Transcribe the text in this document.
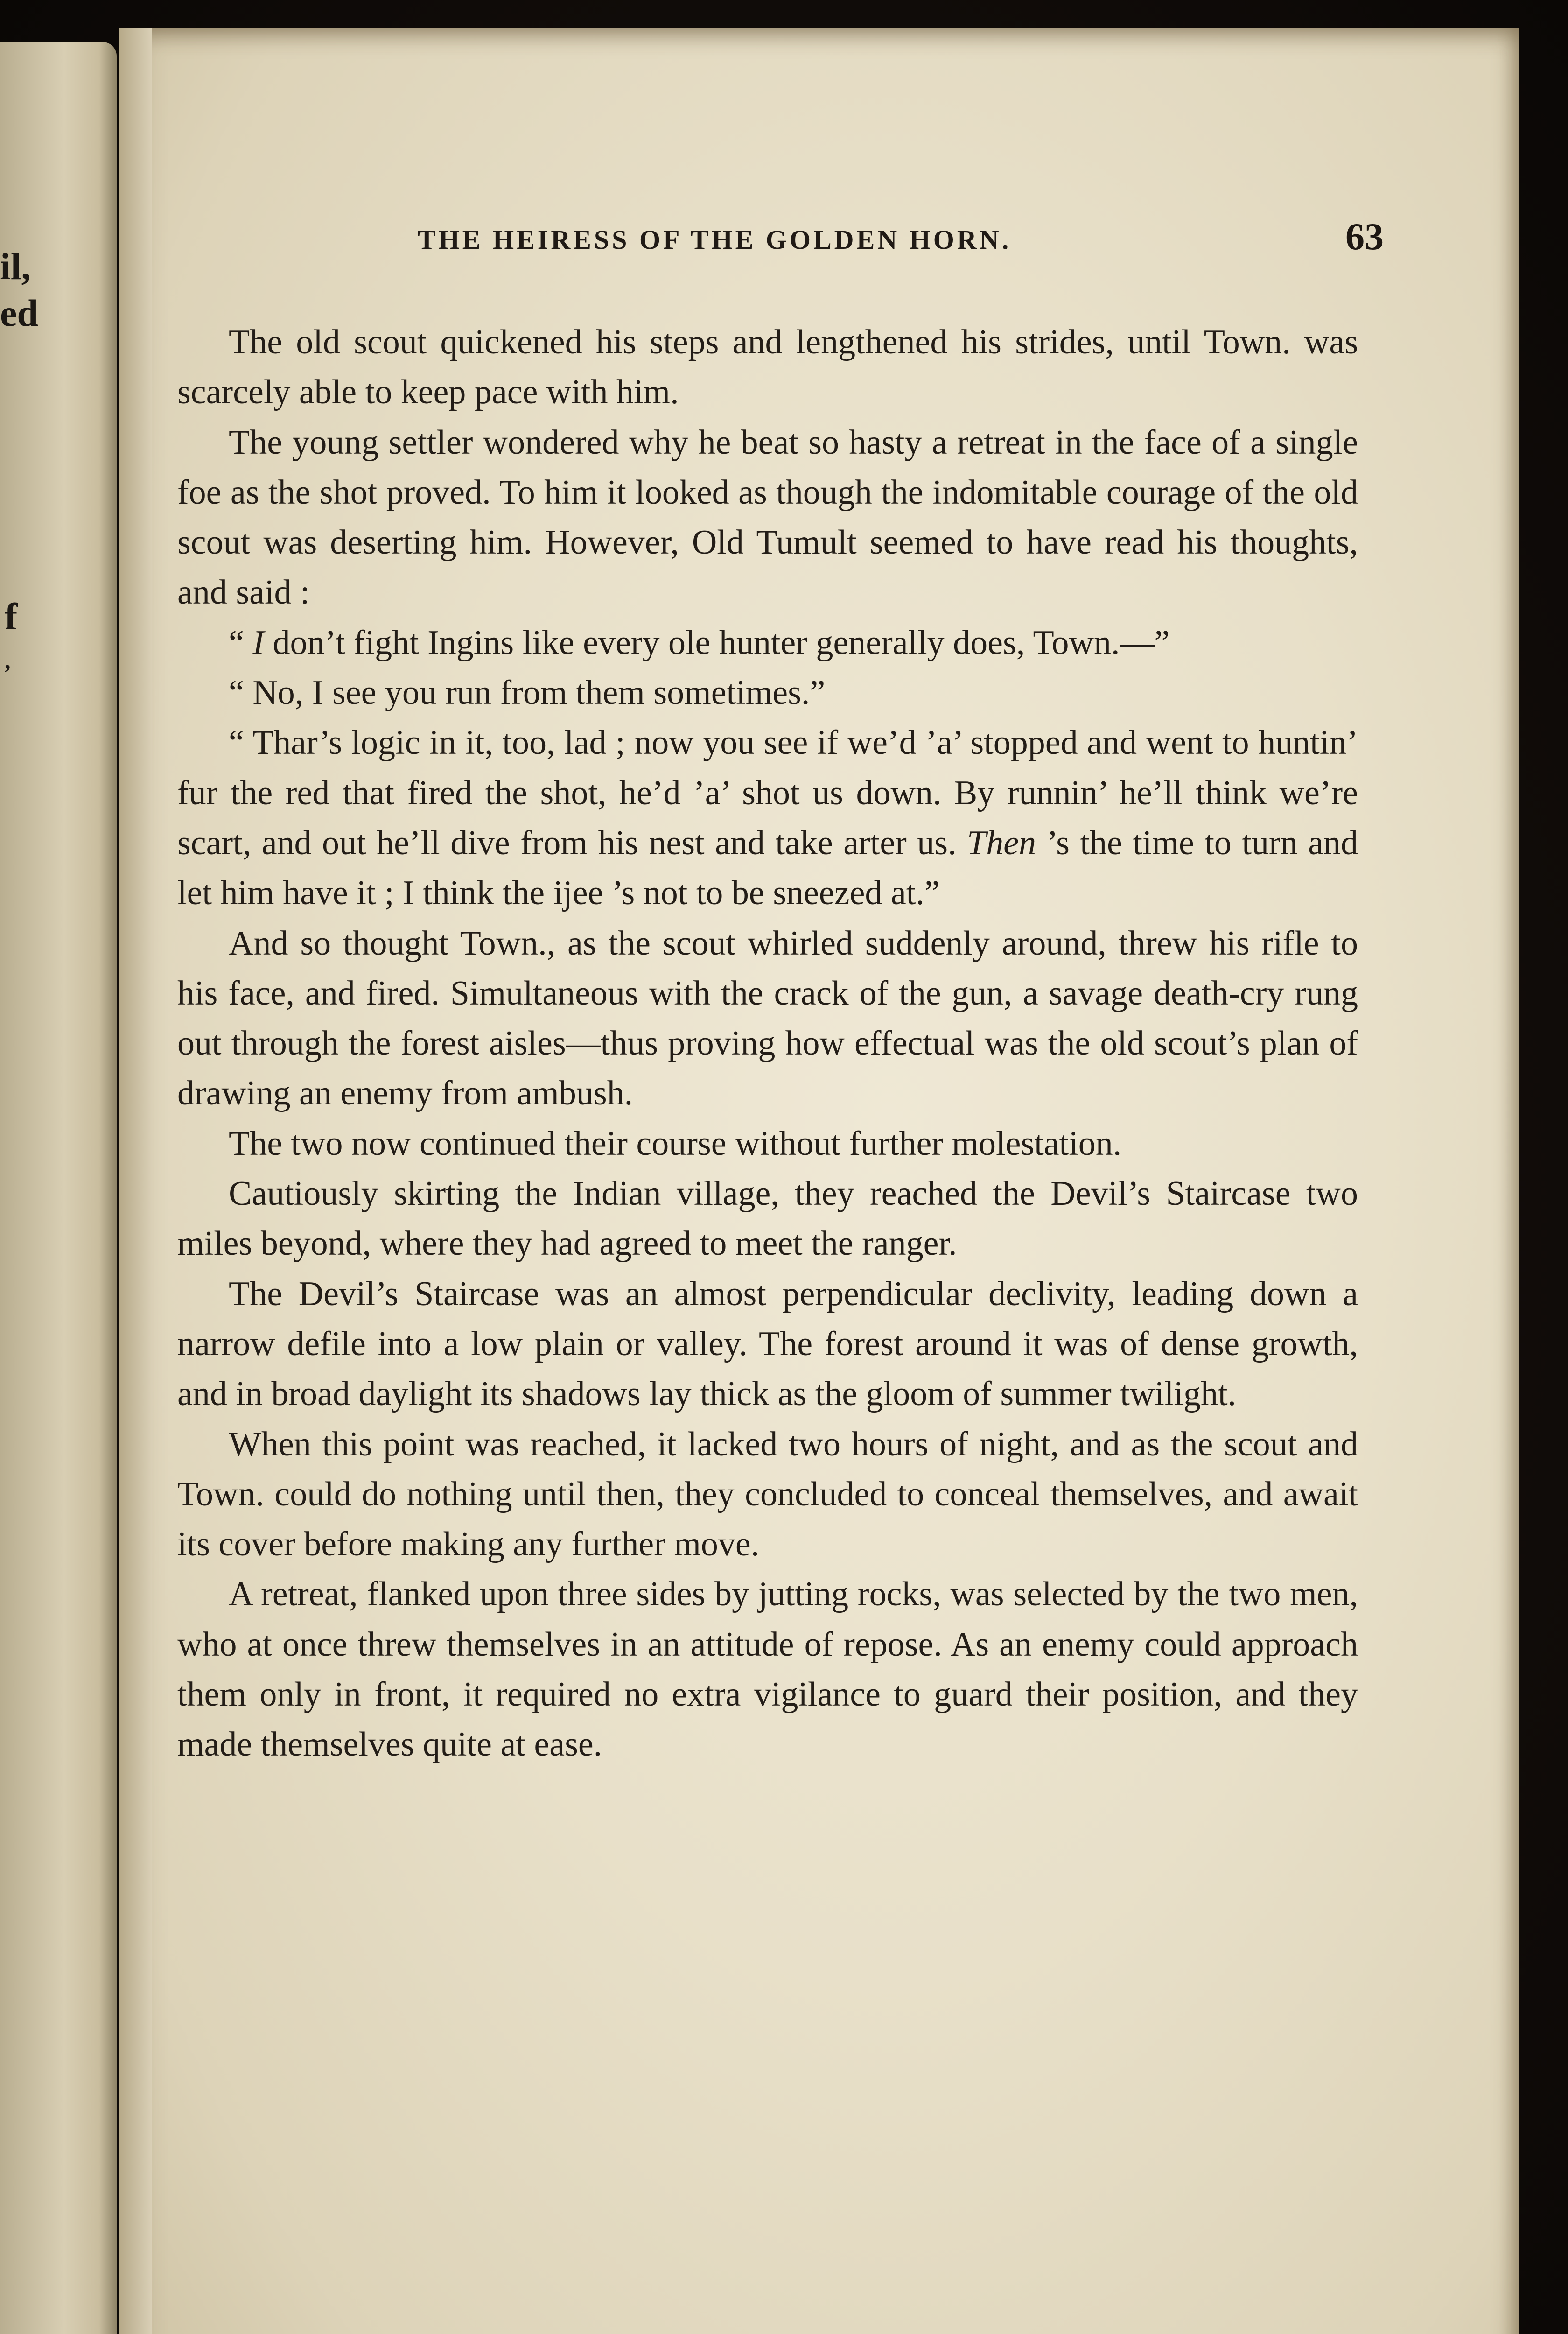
il,
ed
f
,
THE HEIRESS OF THE GOLDEN HORN.	63

The old scout quickened his steps and lengthened his strides, until Town. was scarcely able to keep pace with him.

The young settler wondered why he beat so hasty a retreat in the face of a single foe as the shot proved. To him it looked as though the indomitable courage of the old scout was deserting him. However, Old Tumult seemed to have read his thoughts, and said :

“ I don’t fight Ingins like every ole hunter generally does, Town.—”

“ No, I see you run from them sometimes.”

“ Thar’s logic in it, too, lad ; now you see if we’d ’a’ stopped and went to huntin’ fur the red that fired the shot, he’d ’a’ shot us down. By runnin’ he’ll think we’re scart, and out he’ll dive from his nest and take arter us. Then ’s the time to turn and let him have it ; I think the ijee ’s not to be sneezed at.”

And so thought Town., as the scout whirled suddenly around, threw his rifle to his face, and fired. Simultaneous with the crack of the gun, a savage death-cry rung out through the forest aisles—thus proving how effectual was the old scout’s plan of drawing an enemy from ambush.

The two now continued their course without further molestation.

Cautiously skirting the Indian village, they reached the Devil’s Staircase two miles beyond, where they had agreed to meet the ranger.

The Devil’s Staircase was an almost perpendicular declivity, leading down a narrow defile into a low plain or valley. The forest around it was of dense growth, and in broad daylight its shadows lay thick as the gloom of summer twilight.

When this point was reached, it lacked two hours of night, and as the scout and Town. could do nothing until then, they concluded to conceal themselves, and await its cover before making any further move.

A retreat, flanked upon three sides by jutting rocks, was selected by the two men, who at once threw themselves in an attitude of repose. As an enemy could approach them only in front, it required no extra vigilance to guard their position, and they made themselves quite at ease.
